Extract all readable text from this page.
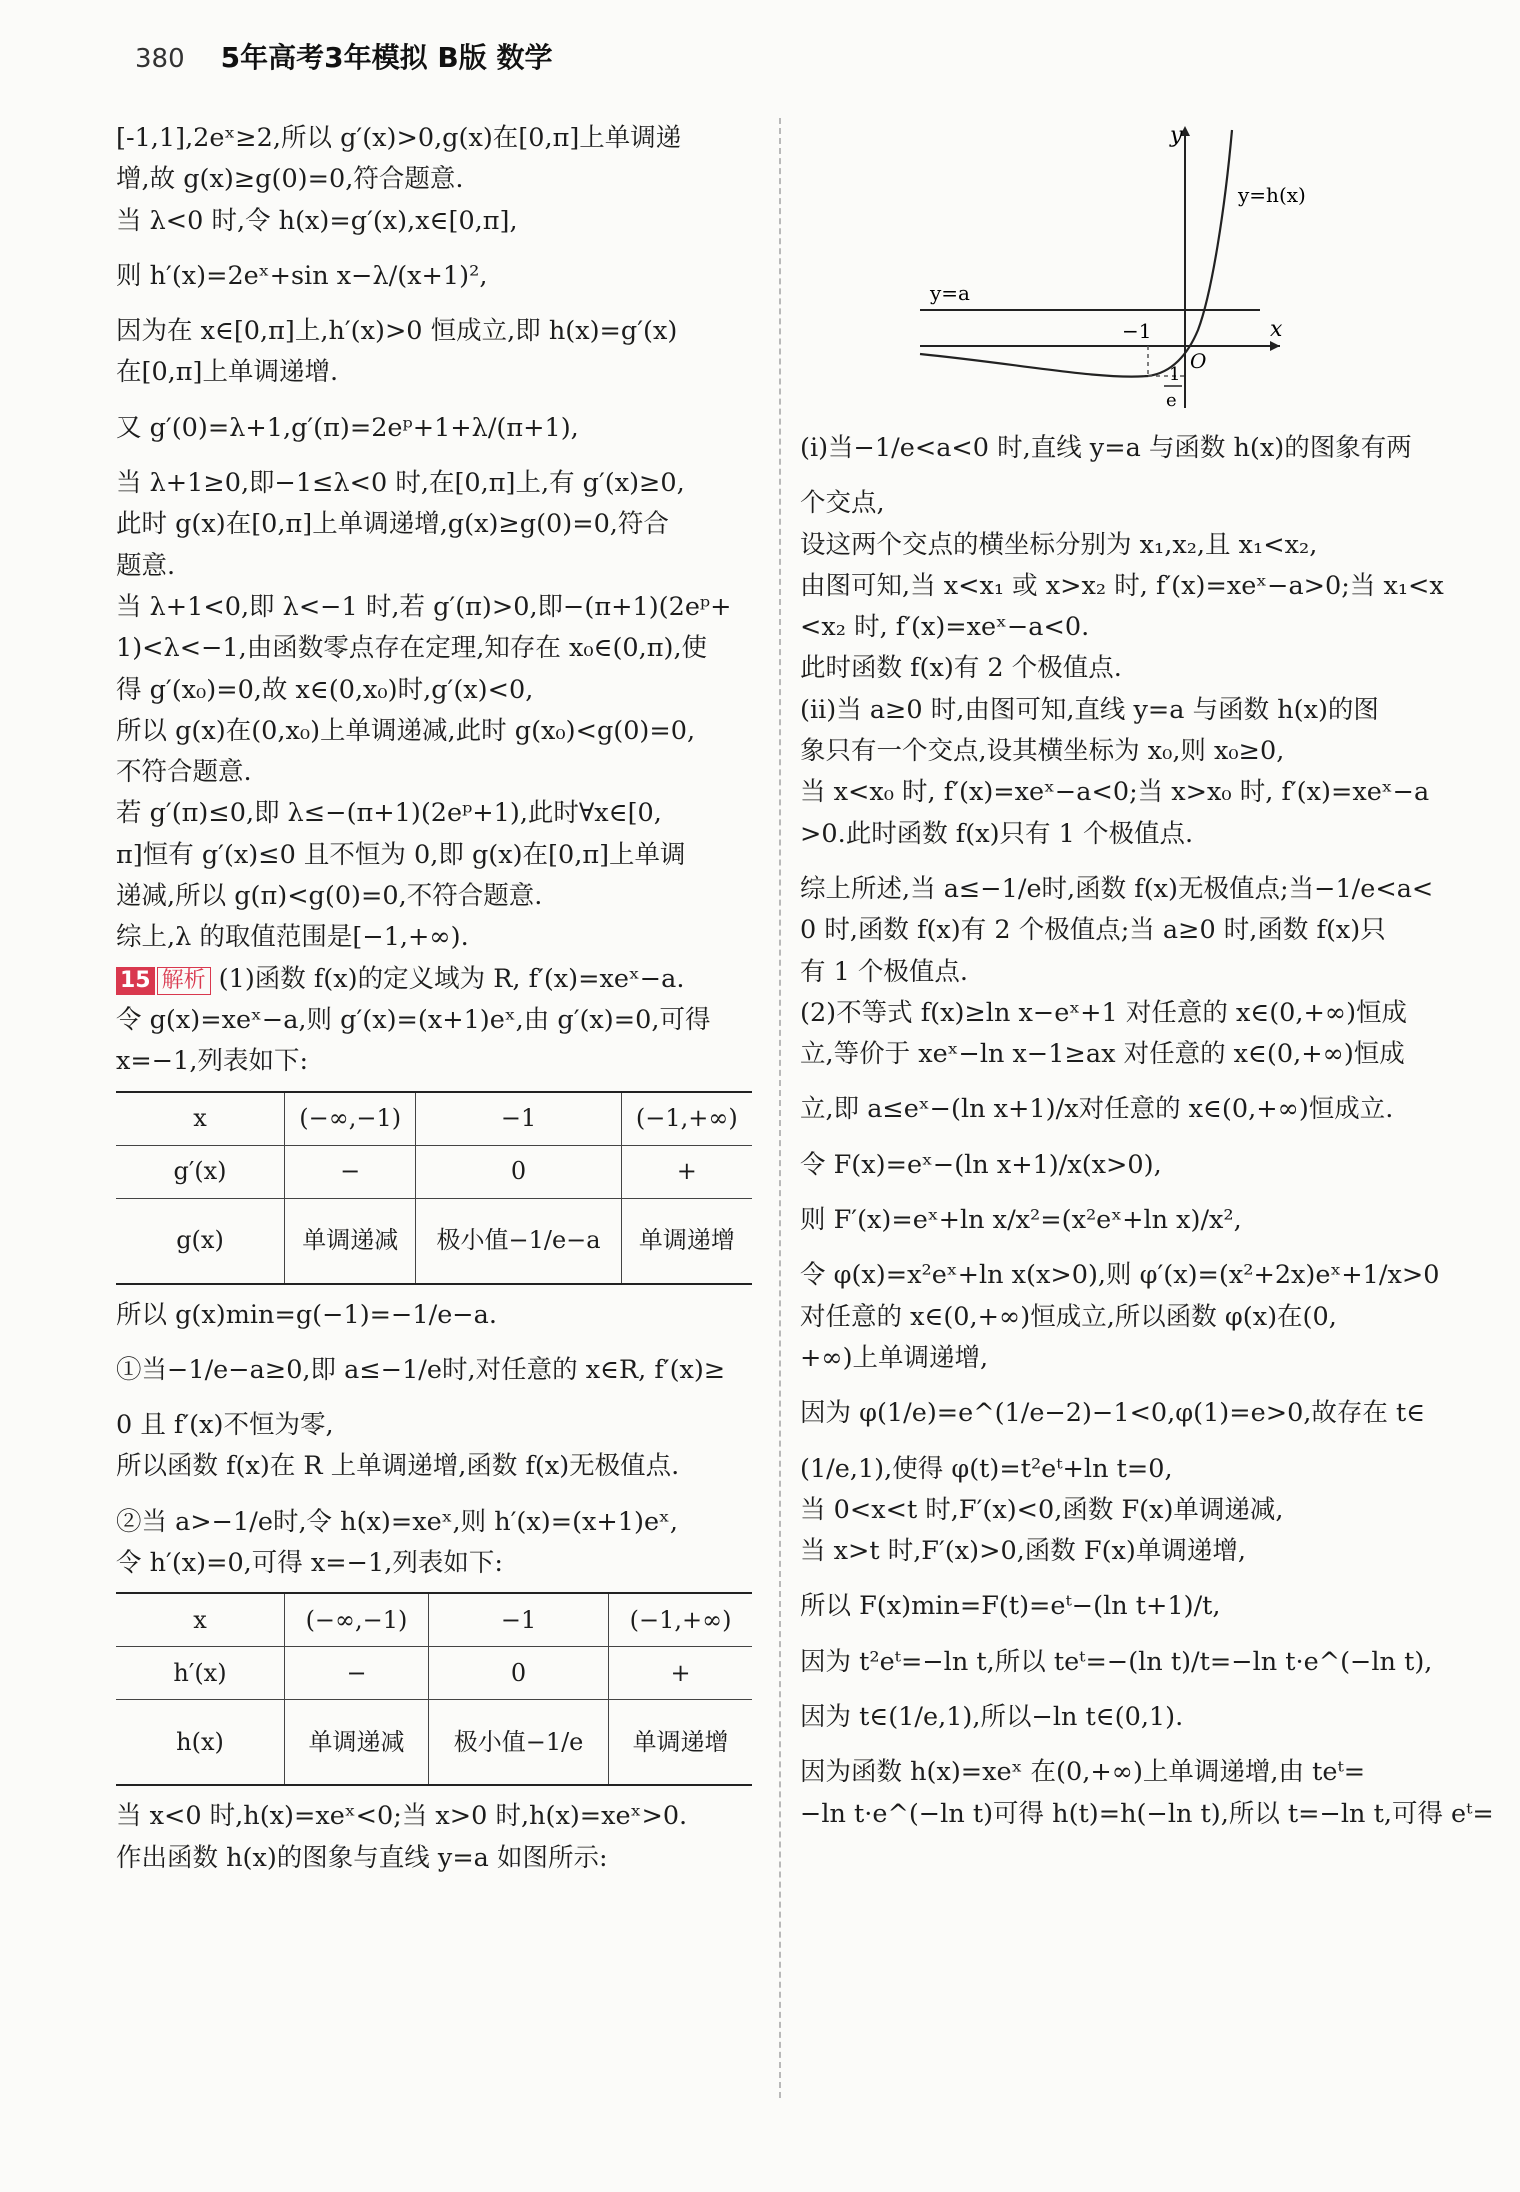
380 5年高考3年模拟 B版 数学

[-1,1],2eˣ≥2,所以 g′(x)>0,g(x)在[0,π]上单调递

增,故 g(x)≥g(0)=0,符合题意.

当 λ<0 时,令 h(x)=g′(x),x∈[0,π],

则 h′(x)=2eˣ+sin x−λ/(x+1)²,

因为在 x∈[0,π]上,h′(x)>0 恒成立,即 h(x)=g′(x)

在[0,π]上单调递增.

又 g′(0)=λ+1,g′(π)=2eᵖ+1+λ/(π+1),

当 λ+1≥0,即−1≤λ<0 时,在[0,π]上,有 g′(x)≥0,

此时 g(x)在[0,π]上单调递增,g(x)≥g(0)=0,符合

题意.

当 λ+1<0,即 λ<−1 时,若 g′(π)>0,即−(π+1)(2eᵖ+

1)<λ<−1,由函数零点存在定理,知存在 x₀∈(0,π),使

得 g′(x₀)=0,故 x∈(0,x₀)时,g′(x)<0,

所以 g(x)在(0,x₀)上单调递减,此时 g(x₀)<g(0)=0,

不符合题意.

若 g′(π)≤0,即 λ≤−(π+1)(2eᵖ+1),此时∀x∈[0,

π]恒有 g′(x)≤0 且不恒为 0,即 g(x)在[0,π]上单调

递减,所以 g(π)<g(0)=0,不符合题意.

综上,λ 的取值范围是[−1,+∞).

15 解析 (1)函数 f(x)的定义域为 R, f′(x)=xeˣ−a.

令 g(x)=xeˣ−a,则 g′(x)=(x+1)eˣ,由 g′(x)=0,可得

x=−1,列表如下:

x	(−∞,−1)	−1	(−1,+∞)
g′(x)	−	0	+
g(x)	单调递减	极小值−1/e−a	单调递增

所以 g(x)min=g(−1)=−1/e−a.

①当−1/e−a≥0,即 a≤−1/e时,对任意的 x∈R, f′(x)≥

0 且 f′(x)不恒为零,

所以函数 f(x)在 R 上单调递增,函数 f(x)无极值点.

②当 a>−1/e时,令 h(x)=xeˣ,则 h′(x)=(x+1)eˣ,

令 h′(x)=0,可得 x=−1,列表如下:

x	(−∞,−1)	−1	(−1,+∞)
h′(x)	−	0	+
h(x)	单调递减	极小值−1/e	单调递增

当 x<0 时,h(x)=xeˣ<0;当 x>0 时,h(x)=xeˣ>0.

作出函数 h(x)的图象与直线 y=a 如图所示:

y
x
y=h(x)
y=a
−1
O
1
e

(i)当−1/e<a<0 时,直线 y=a 与函数 h(x)的图象有两

个交点,

设这两个交点的横坐标分别为 x₁,x₂,且 x₁<x₂,

由图可知,当 x<x₁ 或 x>x₂ 时, f′(x)=xeˣ−a>0;当 x₁<x

<x₂ 时, f′(x)=xeˣ−a<0.

此时函数 f(x)有 2 个极值点.

(ii)当 a≥0 时,由图可知,直线 y=a 与函数 h(x)的图

象只有一个交点,设其横坐标为 x₀,则 x₀≥0,

当 x<x₀ 时, f′(x)=xeˣ−a<0;当 x>x₀ 时, f′(x)=xeˣ−a

>0.此时函数 f(x)只有 1 个极值点.

综上所述,当 a≤−1/e时,函数 f(x)无极值点;当−1/e<a<

0 时,函数 f(x)有 2 个极值点;当 a≥0 时,函数 f(x)只

有 1 个极值点.

(2)不等式 f(x)≥ln x−eˣ+1 对任意的 x∈(0,+∞)恒成

立,等价于 xeˣ−ln x−1≥ax 对任意的 x∈(0,+∞)恒成

立,即 a≤eˣ−(ln x+1)/x对任意的 x∈(0,+∞)恒成立.

令 F(x)=eˣ−(ln x+1)/x(x>0),

则 F′(x)=eˣ+ln x/x²=(x²eˣ+ln x)/x²,

令 φ(x)=x²eˣ+ln x(x>0),则 φ′(x)=(x²+2x)eˣ+1/x>0

对任意的 x∈(0,+∞)恒成立,所以函数 φ(x)在(0,

+∞)上单调递增,

因为 φ(1/e)=e^(1/e−2)−1<0,φ(1)=e>0,故存在 t∈

(1/e,1),使得 φ(t)=t²eᵗ+ln t=0,

当 0<x<t 时,F′(x)<0,函数 F(x)单调递减,

当 x>t 时,F′(x)>0,函数 F(x)单调递增,

所以 F(x)min=F(t)=eᵗ−(ln t+1)/t,

因为 t²eᵗ=−ln t,所以 teᵗ=−(ln t)/t=−ln t·e^(−ln t),

因为 t∈(1/e,1),所以−ln t∈(0,1).

因为函数 h(x)=xeˣ 在(0,+∞)上单调递增,由 teᵗ=

−ln t·e^(−ln t)可得 h(t)=h(−ln t),所以 t=−ln t,可得 eᵗ=
